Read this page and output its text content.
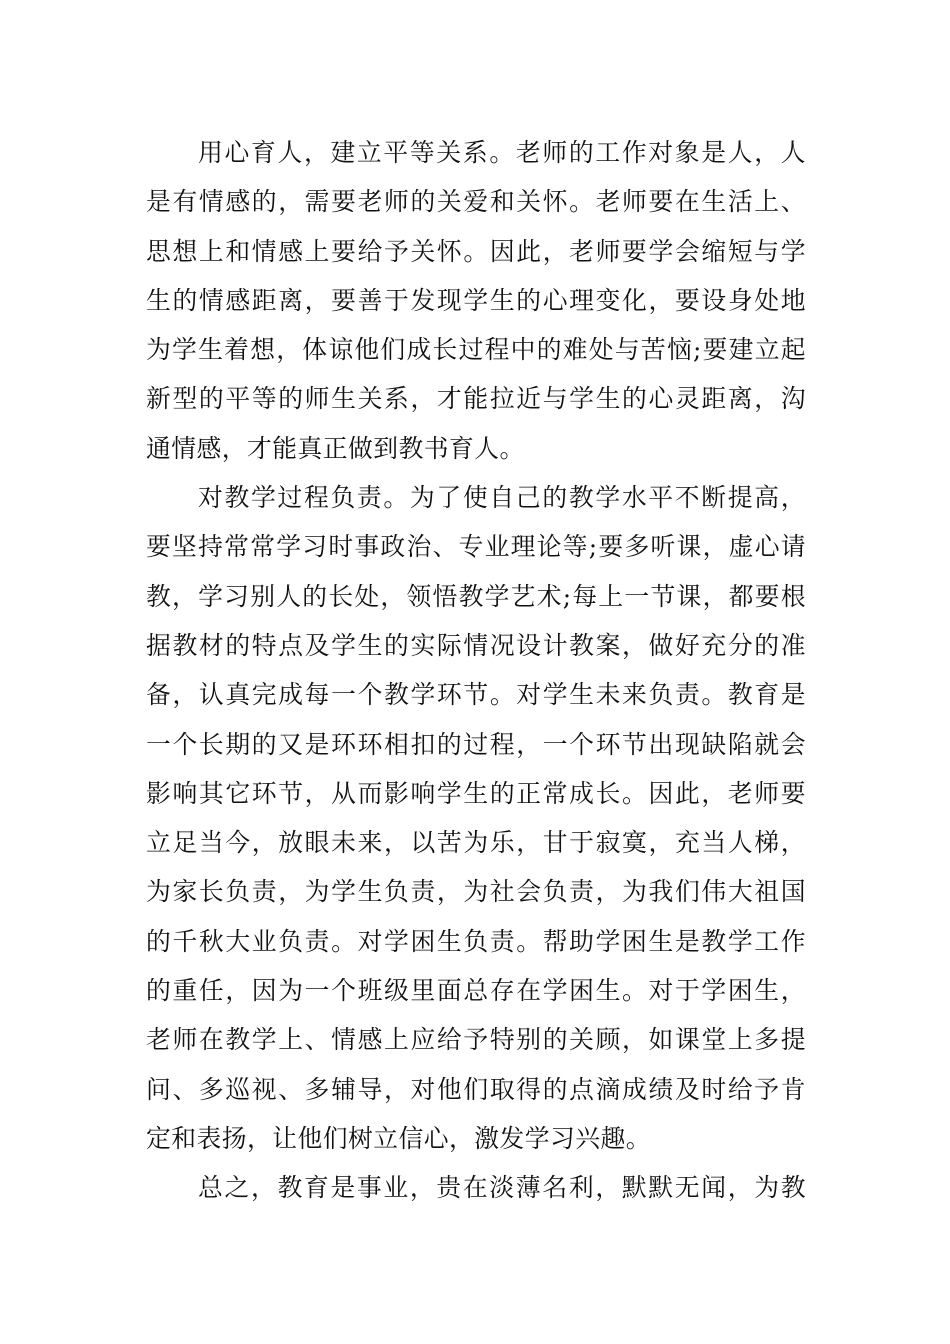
用心育人，建立平等关系。老师的工作对象是人，人
是有情感的，需要老师的关爱和关怀。老师要在生活上、
思想上和情感上要给予关怀。因此，老师要学会缩短与学
生的情感距离，要善于发现学生的心理变化，要设身处地
为学生着想，体谅他们成长过程中的难处与苦恼;要建立起
新型的平等的师生关系，才能拉近与学生的心灵距离，沟
通情感，才能真正做到教书育人。
对教学过程负责。为了使自己的教学水平不断提高，
要坚持常常学习时事政治、专业理论等;要多听课，虚心请
教，学习别人的长处，领悟教学艺术;每上一节课，都要根
据教材的特点及学生的实际情况设计教案，做好充分的准
备，认真完成每一个教学环节。对学生未来负责。教育是
一个长期的又是环环相扣的过程，一个环节出现缺陷就会
影响其它环节，从而影响学生的正常成长。因此，老师要
立足当今，放眼未来，以苦为乐，甘于寂寞，充当人梯，
为家长负责，为学生负责，为社会负责，为我们伟大祖国
的千秋大业负责。对学困生负责。帮助学困生是教学工作
的重任，因为一个班级里面总存在学困生。对于学困生，
老师在教学上、情感上应给予特别的关顾，如课堂上多提
问、多巡视、多辅导，对他们取得的点滴成绩及时给予肯
定和表扬，让他们树立信心，激发学习兴趣。
总之，教育是事业，贵在淡薄名利，默默无闻，为教
